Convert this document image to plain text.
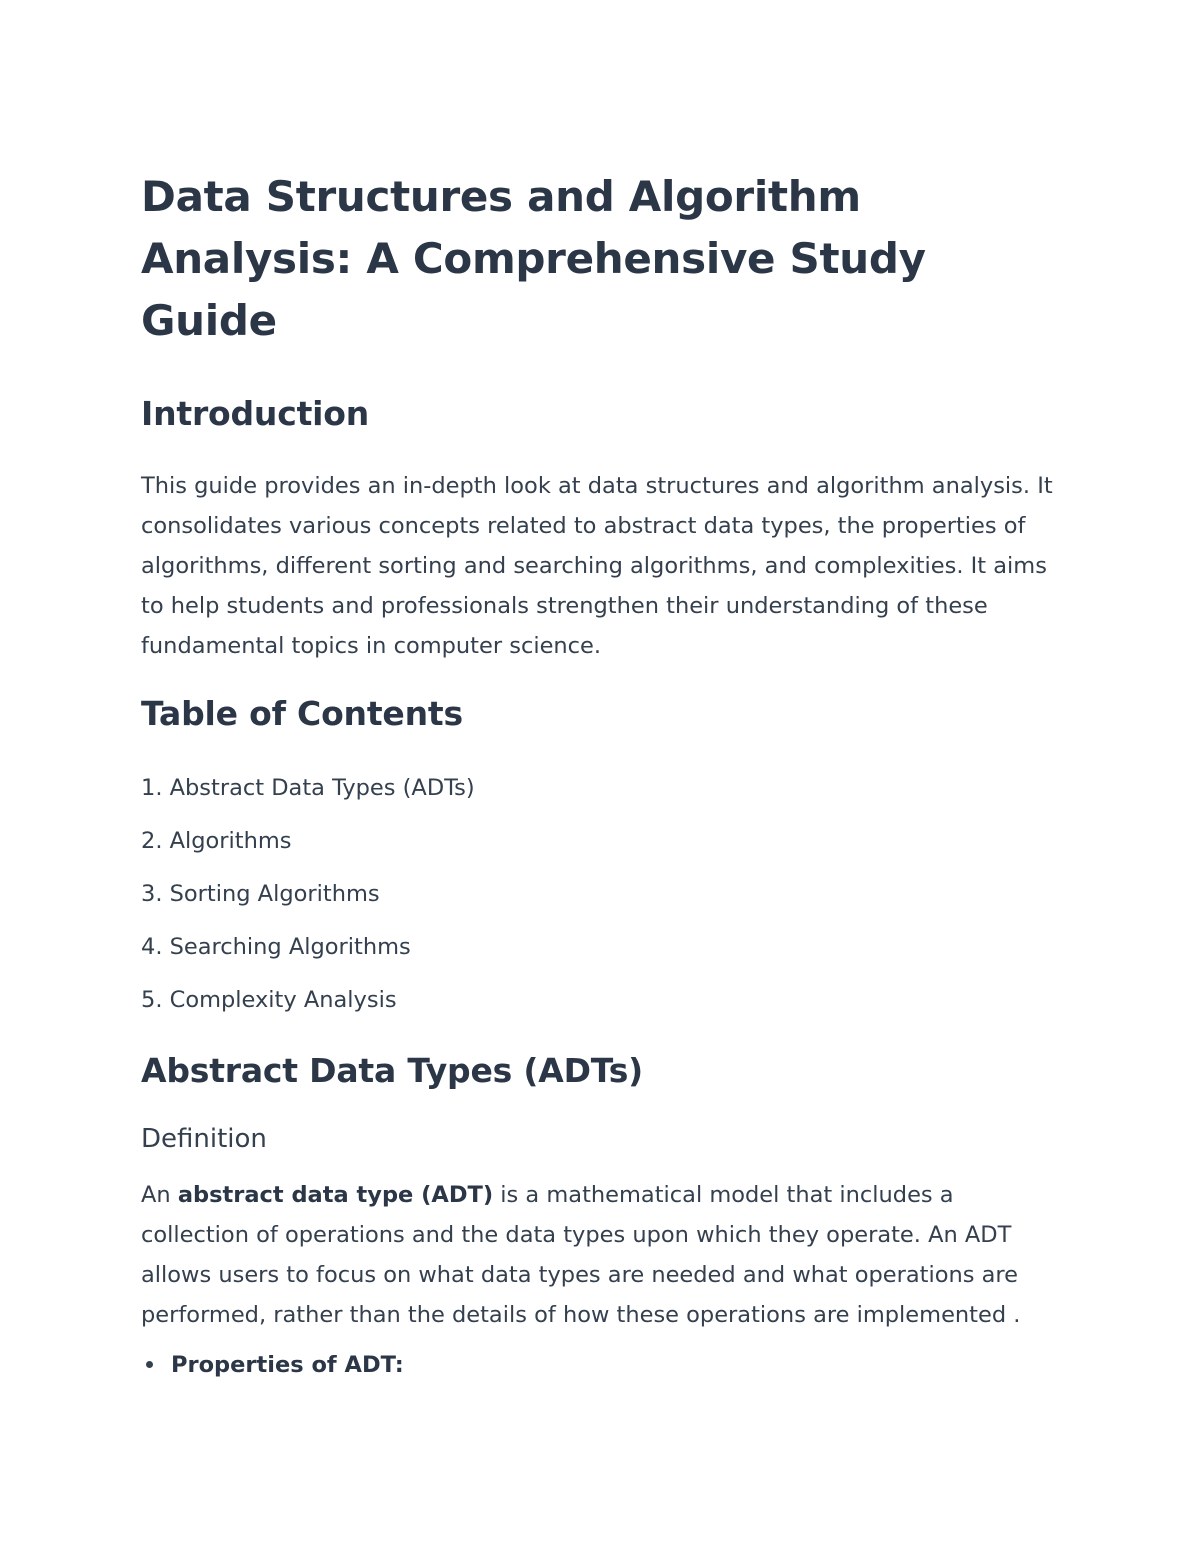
Data Structures and Algorithm Analysis: A Comprehensive Study Guide
Introduction

This guide provides an in-depth look at data structures and algorithm analysis. It consolidates various concepts related to abstract data types, the properties of algorithms, different sorting and searching algorithms, and complexities. It aims to help students and professionals strengthen their understanding of these fundamental topics in computer science.

Table of Contents
1. Abstract Data Types (ADTs)
2. Algorithms
3. Sorting Algorithms
4. Searching Algorithms
5. Complexity Analysis
Abstract Data Types (ADTs)
Definition

An abstract data type (ADT) is a mathematical model that includes a collection of operations and the data types upon which they operate. An ADT allows users to focus on what data types are needed and what operations are performed, rather than the details of how these operations are implemented .

Properties of ADT:
